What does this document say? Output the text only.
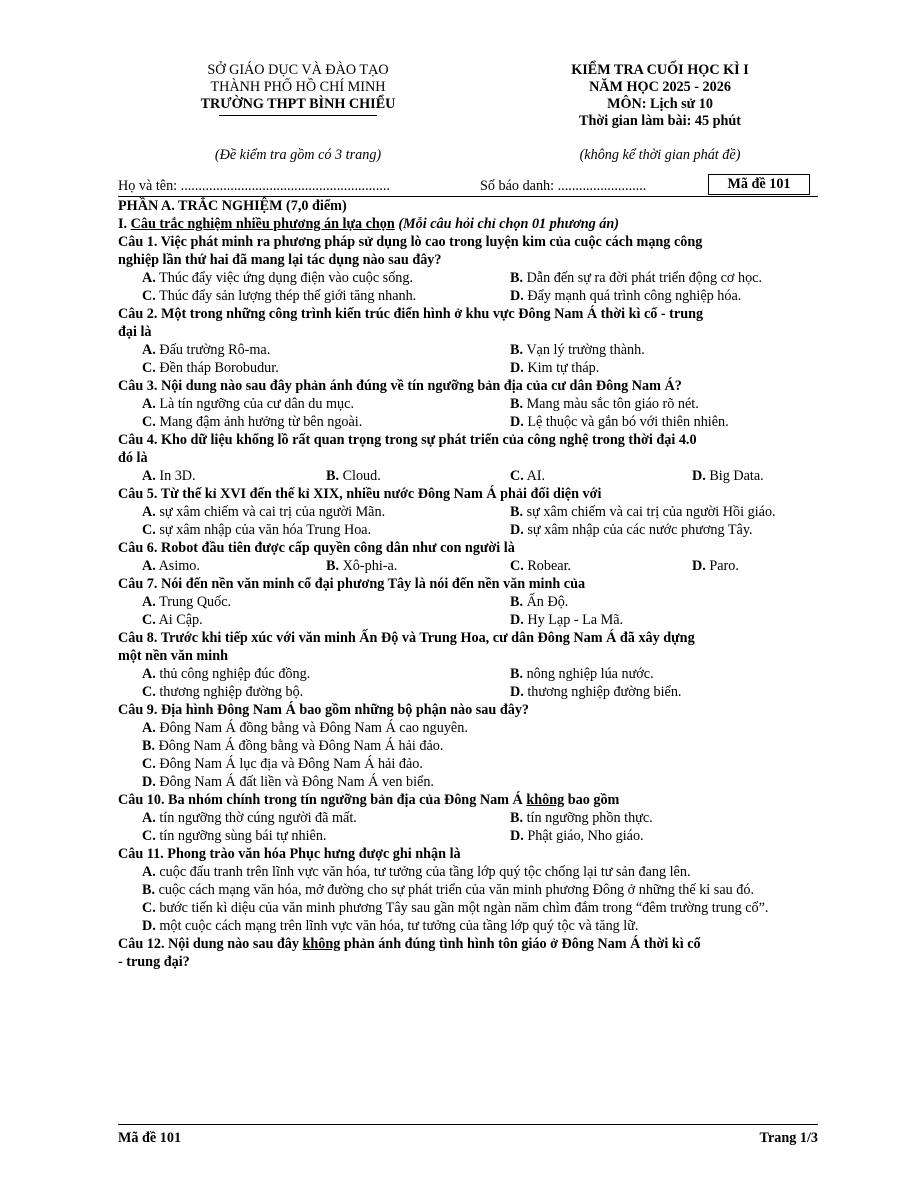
SỞ GIÁO DỤC VÀ ĐÀO TẠO
THÀNH PHỐ HỒ CHÍ MINH
TRƯỜNG THPT BÌNH CHIỂU
KIỂM TRA CUỐI HỌC KÌ I
NĂM HỌC 2025 - 2026
MÔN: Lịch sử 10
Thời gian làm bài: 45 phút
(Đề kiểm tra gồm có 3 trang)	(không kể thời gian phát đề)
Họ và tên: ...........................................................	Số báo danh: .........................	Mã đề 101
PHẦN A. TRẮC NGHIỆM (7,0 điểm)
I. Câu trắc nghiệm nhiều phương án lựa chọn (Mỗi câu hỏi chỉ chọn 01 phương án)
Câu 1. Việc phát minh ra phương pháp sử dụng lò cao trong luyện kim của cuộc cách mạng công
nghiệp lần thứ hai đã mang lại tác dụng nào sau đây?
A. Thúc đẩy việc ứng dụng điện vào cuộc sống.	B. Dẫn đến sự ra đời phát triển động cơ học.
C. Thúc đẩy sản lượng thép thế giới tăng nhanh.	D. Đẩy mạnh quá trình công nghiệp hóa.
Câu 2. Một trong những công trình kiến trúc điển hình ở khu vực Đông Nam Á thời kì cổ - trung
đại là
A. Đấu trường Rô-ma.	B. Vạn lý trường thành.
C. Đền tháp Borobudur.	D. Kim tự tháp.
Câu 3. Nội dung nào sau đây phản ánh đúng về tín ngưỡng bản địa của cư dân Đông Nam Á?
A. Là tín ngưỡng của cư dân du mục.	B. Mang màu sắc tôn giáo rõ nét.
C. Mang đậm ảnh hưởng từ bên ngoài.	D. Lệ thuộc và gắn bó với thiên nhiên.
Câu 4. Kho dữ liệu khổng lồ rất quan trọng trong sự phát triển của công nghệ trong thời đại 4.0
đó là
A. In 3D.	B. Cloud.	C. AI.	D. Big Data.
Câu 5. Từ thế kỉ XVI đến thế kỉ XIX, nhiều nước Đông Nam Á phải đối diện với
A. sự xâm chiếm và cai trị của người Mãn.	B. sự xâm chiếm và cai trị của người Hồi giáo.
C. sự xâm nhập của văn hóa Trung Hoa.	D. sự xâm nhập của các nước phương Tây.
Câu 6. Robot đầu tiên được cấp quyền công dân như con người là
A. Asimo.	B. Xô-phi-a.	C. Robear.	D. Paro.
Câu 7. Nói đến nền văn minh cổ đại phương Tây là nói đến nền văn minh của
A. Trung Quốc.	B. Ấn Độ.
C. Ai Cập.	D. Hy Lạp - La Mã.
Câu 8. Trước khi tiếp xúc với văn minh Ấn Độ và Trung Hoa, cư dân Đông Nam Á đã xây dựng
một nền văn minh
A. thủ công nghiệp đúc đồng.	B. nông nghiệp lúa nước.
C. thương nghiệp đường bộ.	D. thương nghiệp đường biển.
Câu 9. Địa hình Đông Nam Á bao gồm những bộ phận nào sau đây?
A. Đông Nam Á đồng bằng và Đông Nam Á cao nguyên.
B. Đông Nam Á đồng bằng và Đông Nam Á hải đảo.
C. Đông Nam Á lục địa và Đông Nam Á hải đảo.
D. Đông Nam Á đất liền và Đông Nam Á ven biển.
Câu 10. Ba nhóm chính trong tín ngưỡng bản địa của Đông Nam Á không bao gồm
A. tín ngưỡng thờ cúng người đã mất.	B. tín ngưỡng phồn thực.
C. tín ngưỡng sùng bái tự nhiên.	D. Phật giáo, Nho giáo.
Câu 11. Phong trào văn hóa Phục hưng được ghi nhận là
A. cuộc đấu tranh trên lĩnh vực văn hóa, tư tưởng của tầng lớp quý tộc chống lại tư sản đang lên.
B. cuộc cách mạng văn hóa, mở đường cho sự phát triển của văn minh phương Đông ở những thế kỉ sau đó.
C. bước tiến kì diệu của văn minh phương Tây sau gần một ngàn năm chìm đắm trong “đêm trường trung cổ”.
D. một cuộc cách mạng trên lĩnh vực văn hóa, tư tưởng của tầng lớp quý tộc và tăng lữ.
Câu 12. Nội dung nào sau đây không phản ánh đúng tình hình tôn giáo ở Đông Nam Á thời kì cổ
- trung đại?
Mã đề 101	Trang 1/3
